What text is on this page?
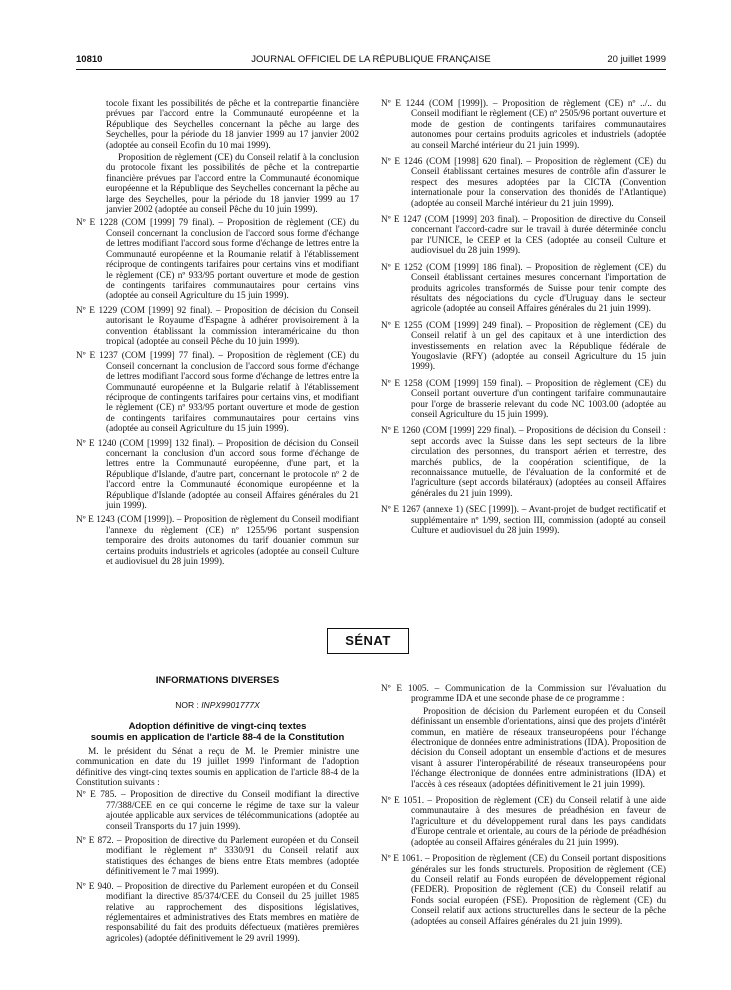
10810	JOURNAL OFFICIEL DE LA RÉPUBLIQUE FRANÇAISE	20 juillet 1999

tocole fixant les possibilités de pêche et la contrepartie financière prévues par l'accord entre la Communauté européenne et la République des Seychelles concernant la pêche au large des Seychelles, pour la période du 18 janvier 1999 au 17 janvier 2002 (adoptée au conseil Ecofin du 10 mai 1999).

Proposition de règlement (CE) du Conseil relatif à la conclusion du protocole fixant les possibilités de pêche et la contrepartie financière prévues par l'accord entre la Communauté économique européenne et la République des Seychelles concernant la pêche au large des Seychelles, pour la période du 18 janvier 1999 au 17 janvier 2002 (adoptée au conseil Pêche du 10 juin 1999).

Nº E 1228 (COM [1999] 79 final). – Proposition de règlement (CE) du Conseil concernant la conclusion de l'accord sous forme d'échange de lettres modifiant l'accord sous forme d'échange de lettres entre la Communauté européenne et la Roumanie relatif à l'établissement réciproque de contingents tarifaires pour certains vins et modifiant le règlement (CE) nº 933/95 portant ouverture et mode de gestion de contingents tarifaires communautaires pour certains vins (adoptée au conseil Agriculture du 15 juin 1999).

Nº E 1229 (COM [1999] 92 final). – Proposition de décision du Conseil autorisant le Royaume d'Espagne à adhérer provisoirement à la convention établissant la commission interaméricaine du thon tropical (adoptée au conseil Pêche du 10 juin 1999).

Nº E 1237 (COM [1999] 77 final). – Proposition de règlement (CE) du Conseil concernant la conclusion de l'accord sous forme d'échange de lettres modifiant l'accord sous forme d'échange de lettres entre la Communauté européenne et la Bulgarie relatif à l'établissement réciproque de contingents tarifaires pour certains vins, et modifiant le règlement (CE) nº 933/95 portant ouverture et mode de gestion de contingents tarifaires communautaires pour certains vins (adoptée au conseil Agriculture du 15 juin 1999).

Nº E 1240 (COM [1999] 132 final). – Proposition de décision du Conseil concernant la conclusion d'un accord sous forme d'échange de lettres entre la Communauté européenne, d'une part, et la République d'Islande, d'autre part, concernant le protocole nº 2 de l'accord entre la Communauté économique européenne et la République d'Islande (adoptée au conseil Affaires générales du 21 juin 1999).

Nº E 1243 (COM [1999]). – Proposition de règlement du Conseil modifiant l'annexe du règlement (CE) nº 1255/96 portant suspension temporaire des droits autonomes du tarif douanier commun sur certains produits industriels et agricoles (adoptée au conseil Culture et audiovisuel du 28 juin 1999).

Nº E 1244 (COM [1999]). – Proposition de règlement (CE) nº ../.. du Conseil modifiant le règlement (CE) nº 2505/96 portant ouverture et mode de gestion de contingents tarifaires communautaires autonomes pour certains produits agricoles et industriels (adoptée au conseil Marché intérieur du 21 juin 1999).

Nº E 1246 (COM [1998] 620 final). – Proposition de règlement (CE) du Conseil établissant certaines mesures de contrôle afin d'assurer le respect des mesures adoptées par la CICTA (Convention internationale pour la conservation des thonidés de l'Atlantique) (adoptée au conseil Marché intérieur du 21 juin 1999).

Nº E 1247 (COM [1999] 203 final). – Proposition de directive du Conseil concernant l'accord-cadre sur le travail à durée déterminée conclu par l'UNICE, le CEEP et la CES (adoptée au conseil Culture et audiovisuel du 28 juin 1999).

Nº E 1252 (COM [1999] 186 final). – Proposition de règlement (CE) du Conseil établissant certaines mesures concernant l'importation de produits agricoles transformés de Suisse pour tenir compte des résultats des négociations du cycle d'Uruguay dans le secteur agricole (adoptée au conseil Affaires générales du 21 juin 1999).

Nº E 1255 (COM [1999] 249 final). – Proposition de règlement (CE) du Conseil relatif à un gel des capitaux et à une interdiction des investissements en relation avec la République fédérale de Yougoslavie (RFY) (adoptée au conseil Agriculture du 15 juin 1999).

Nº E 1258 (COM [1999] 159 final). – Proposition de règlement (CE) du Conseil portant ouverture d'un contingent tarifaire communautaire pour l'orge de brasserie relevant du code NC 1003.00 (adoptée au conseil Agriculture du 15 juin 1999).

Nº E 1260 (COM [1999] 229 final). – Propositions de décision du Conseil : sept accords avec la Suisse dans les sept secteurs de la libre circulation des personnes, du transport aérien et terrestre, des marchés publics, de la coopération scientifique, de la reconnaissance mutuelle, de l'évaluation de la conformité et de l'agriculture (sept accords bilatéraux) (adoptées au conseil Affaires générales du 21 juin 1999).

Nº E 1267 (annexe 1) (SEC [1999]). – Avant-projet de budget rectificatif et supplémentaire nº 1/99, section III, commission (adopté au conseil Culture et audiovisuel du 28 juin 1999).

SÉNAT

INFORMATIONS DIVERSES

NOR : INPX9901777X

Adoption définitive de vingt-cinq textes
soumis en application de l'article 88-4 de la Constitution

M. le président du Sénat a reçu de M. le Premier ministre une communication en date du 19 juillet 1999 l'informant de l'adoption définitive des vingt-cinq textes soumis en application de l'article 88-4 de la Constitution suivants :

Nº E 785. – Proposition de directive du Conseil modifiant la directive 77/388/CEE en ce qui concerne le régime de taxe sur la valeur ajoutée applicable aux services de télécommunications (adoptée au conseil Transports du 17 juin 1999).

Nº E 872. – Proposition de directive du Parlement européen et du Conseil modifiant le règlement nº 3330/91 du Conseil relatif aux statistiques des échanges de biens entre Etats membres (adoptée définitivement le 7 mai 1999).

Nº E 940. – Proposition de directive du Parlement européen et du Conseil modifiant la directive 85/374/CEE du Conseil du 25 juillet 1985 relative au rapprochement des dispositions législatives, réglementaires et administratives des Etats membres en matière de responsabilité du fait des produits défectueux (matières premières agricoles) (adoptée définitivement le 29 avril 1999).

Nº E 1005. – Communication de la Commission sur l'évaluation du programme IDA et une seconde phase de ce programme :

Proposition de décision du Parlement européen et du Conseil définissant un ensemble d'orientations, ainsi que des projets d'intérêt commun, en matière de réseaux transeuropéens pour l'échange électronique de données entre administrations (IDA). Proposition de décision du Conseil adoptant un ensemble d'actions et de mesures visant à assurer l'interopérabilité de réseaux transeuropéens pour l'échange électronique de données entre administrations (IDA) et l'accès à ces réseaux (adoptées définitivement le 21 juin 1999).

Nº E 1051. – Proposition de règlement (CE) du Conseil relatif à une aide communautaire à des mesures de préadhésion en faveur de l'agriculture et du développement rural dans les pays candidats d'Europe centrale et orientale, au cours de la période de préadhésion (adoptée au conseil Affaires générales du 21 juin 1999).

Nº E 1061. – Proposition de règlement (CE) du Conseil portant dispositions générales sur les fonds structurels. Proposition de règlement (CE) du Conseil relatif au Fonds européen de développement régional (FEDER). Proposition de règlement (CE) du Conseil relatif au Fonds social européen (FSE). Proposition de règlement (CE) du Conseil relatif aux actions structurelles dans le secteur de la pêche (adoptées au conseil Affaires générales du 21 juin 1999).
